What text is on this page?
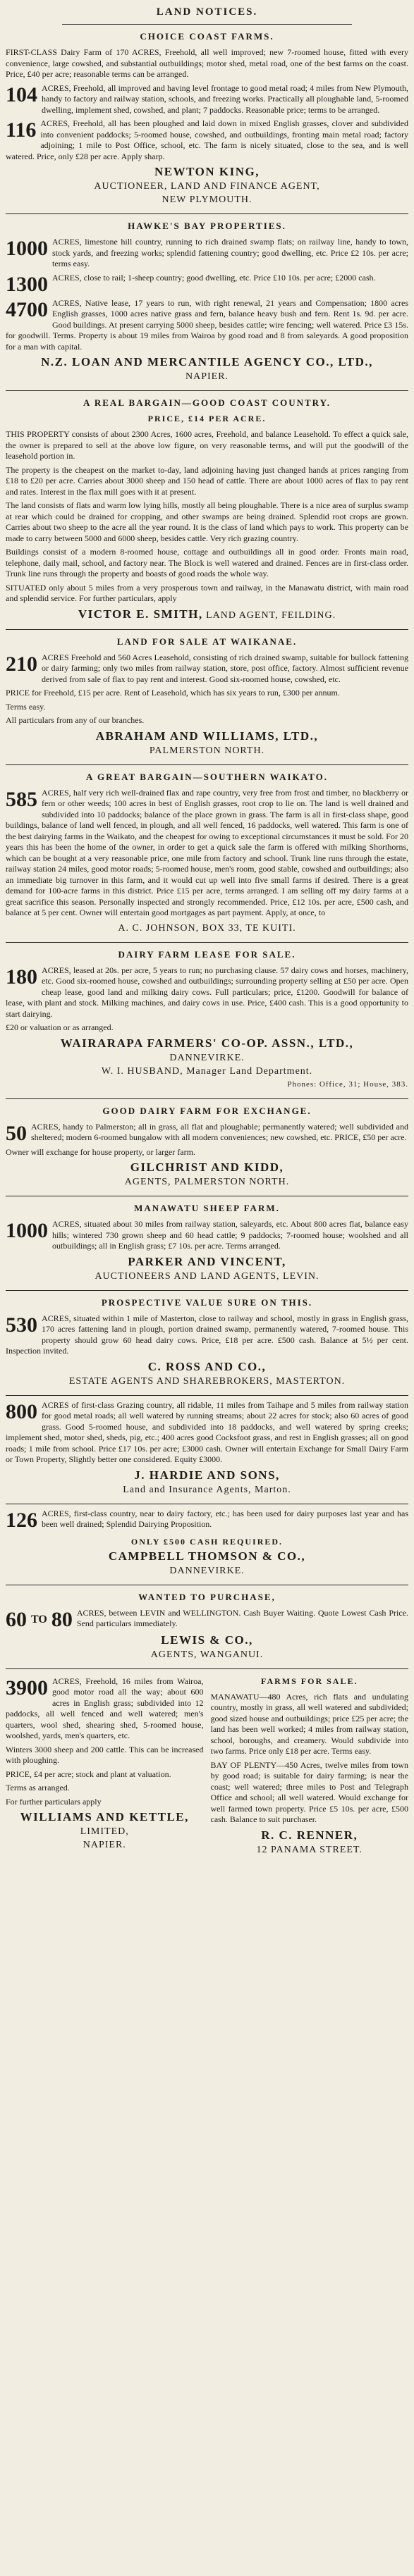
LAND NOTICES.
CHOICE COAST FARMS.

FIRST-CLASS Dairy Farm of 170 ACRES, Freehold, all well improved; new 7-roomed house, fitted with every convenience, large cowshed, and substantial outbuildings; motor shed, metal road, one of the best farms on the coast. Price, £40 per acre; reasonable terms can be arranged.

104 ACRES, Freehold, all improved and having level frontage to good metal road; 4 miles from New Plymouth, handy to factory and railway station, schools, and freezing works. Practically all ploughable land, 5-roomed dwelling, implement shed, cowshed, and plant; 7 paddocks. Reasonable price; terms to be arranged.
116 ACRES, Freehold, all has been ploughed and laid down in mixed English grasses, clover and subdivided into convenient paddocks; 5-roomed house, cowshed, and outbuildings, fronting main metal road; factory adjoining; 1 mile to Post Office, school, etc. The farm is nicely situated, close to the sea, and is well watered. Price, only £28 per acre. Apply sharp.
NEWTON KING,
AUCTIONEER, LAND AND FINANCE AGENT,
NEW PLYMOUTH.
HAWKE'S BAY PROPERTIES.
1000 ACRES, limestone hill country, running to rich drained swamp flats; on railway line, handy to town, stock yards, and freezing works; splendid fattening country; good dwelling, etc. Price £2 10s. per acre; terms easy.
1300 ACRES, close to rail; 1-sheep country; good dwelling, etc. Price £10 10s. per acre; £2000 cash.
4700 ACRES, Native lease, 17 years to run, with right renewal, 21 years and Compensation; 1800 acres English grasses, 1000 acres native grass and fern, balance heavy bush and fern. Rent 1s. 9d. per acre. Good buildings. At present carrying 5000 sheep, besides cattle; wire fencing; well watered. Price £3 15s. for goodwill. Terms. Property is about 19 miles from Wairoa by good road and 8 from saleyards. A good proposition for a man with capital.
N.Z. LOAN AND MERCANTILE AGENCY CO., LTD.,
NAPIER.
A REAL BARGAIN—GOOD COAST COUNTRY.
PRICE, £14 PER ACRE.

THIS PROPERTY consists of about 2300 Acres, 1600 acres, Freehold, and balance Leasehold. To effect a quick sale, the owner is prepared to sell at the above low figure, on very reasonable terms, and will put the goodwill of the leasehold portion in.

The property is the cheapest on the market to-day, land adjoining having just changed hands at prices ranging from £18 to £20 per acre. Carries about 3000 sheep and 150 head of cattle. There are about 1000 acres of flax to pay rent and rates. Interest in the flax mill goes with it at present.

The land consists of flats and warm low lying hills, mostly all being ploughable. There is a nice area of surplus swamp at rear which could be drained for cropping, and other swamps are being drained. Splendid root crops are grown. Carries about two sheep to the acre all the year round. It is the class of land which pays to work. This property can be made to carry between 5000 and 6000 sheep, besides cattle. Very rich grazing country.

Buildings consist of a modern 8-roomed house, cottage and outbuildings all in good order. Fronts main road, telephone, daily mail, school, and factory near. The Block is well watered and drained. Fences are in first-class order. Trunk line runs through the property and boasts of good roads the whole way.

SITUATED only about 5 miles from a very prosperous town and railway, in the Manawatu district, with main road and splendid service. For further particulars, apply

VICTOR E. SMITH, LAND AGENT, FEILDING.
LAND FOR SALE AT WAIKANAE.
210 ACRES Freehold and 560 Acres Leasehold, consisting of rich drained swamp, suitable for bullock fattening or dairy farming; only two miles from railway station, store, post office, factory. Almost sufficient revenue derived from sale of flax to pay rent and interest. Good six-roomed house, cowshed, etc.

PRICE for Freehold, £15 per acre. Rent of Leasehold, which has six years to run, £300 per annum.

Terms easy.

All particulars from any of our branches.

ABRAHAM AND WILLIAMS, LTD.,
PALMERSTON NORTH.
A GREAT BARGAIN—SOUTHERN WAIKATO.
585 ACRES, half very rich well-drained flax and rape country, very free from frost and timber, no blackberry or fern or other weeds; 100 acres in best of English grasses, root crop to lie on. The land is well drained and subdivided into 10 paddocks; balance of the place grown in grass. The farm is all in first-class shape, good buildings, balance of land well fenced, in plough, and all well fenced, 16 paddocks, well watered. This farm is one of the best dairying farms in the Waikato, and the cheapest for owing to exceptional circumstances it must be sold. For 20 years this has been the home of the owner, in order to get a quick sale the farm is offered with milking Shorthorns, which can be bought at a very reasonable price, one mile from factory and school. Trunk line runs through the estate, railway station 24 miles, good motor roads; 5-roomed house, men's room, good stable, cowshed and outbuildings; also an immediate big turnover in this farm, and it would cut up well into five small farms if desired. There is a great demand for 100-acre farms in this district. Price £15 per acre, terms arranged. I am selling off my dairy farms at a great sacrifice this season. Personally inspected and strongly recommended. Price, £12 10s. per acre, £500 cash, and balance at 5 per cent. Owner will entertain good mortgages as part payment. Apply, at once, to
A. C. JOHNSON, BOX 33, TE KUITI.
DAIRY FARM LEASE FOR SALE.
180 ACRES, leased at 20s. per acre, 5 years to run; no purchasing clause. 57 dairy cows and horses, machinery, etc. Good six-roomed house, cowshed and outbuildings; surrounding property selling at £50 per acre. Open cheap lease, good land and milking dairy cows. Full particulars; price, £1200. Goodwill for balance of lease, with plant and stock. Milking machines, and dairy cows in use. Price, £400 cash. This is a good opportunity to start dairying.

£20 or valuation or as arranged.

WAIRARAPA FARMERS' CO-OP. ASSN., LTD.,
DANNEVIRKE.
W. I. HUSBAND, Manager Land Department.
Phones: Office, 31; House, 383.
GOOD DAIRY FARM FOR EXCHANGE.
50 ACRES, handy to Palmerston; all in grass, all flat and ploughable; permanently watered; well subdivided and sheltered; modern 6-roomed bungalow with all modern conveniences; new cowshed, etc. PRICE, £50 per acre.

Owner will exchange for house property, or larger farm.

GILCHRIST AND KIDD,
AGENTS, PALMERSTON NORTH.
MANAWATU SHEEP FARM.
1000 ACRES, situated about 30 miles from railway station, saleyards, etc. About 800 acres flat, balance easy hills; wintered 730 grown sheep and 60 head cattle; 9 paddocks; 7-roomed house; woolshed and all outbuildings; all in English grass; £7 10s. per acre. Terms arranged.
PARKER AND VINCENT,
AUCTIONEERS AND LAND AGENTS, LEVIN.
PROSPECTIVE VALUE SURE ON THIS.
530 ACRES, situated within 1 mile of Masterton, close to railway and school, mostly in grass in English grass, 170 acres fattening land in plough, portion drained swamp, permanently watered, 7-roomed house. This property should grow 60 head dairy cows. Price, £18 per acre. £500 cash. Balance at 5½ per cent. Inspection invited.
C. ROSS AND CO.,
ESTATE AGENTS AND SHAREBROKERS, MASTERTON.
800 ACRES of first-class Grazing country, all ridable, 11 miles from Taihape and 5 miles from railway station for good metal roads; all well watered by running streams; about 22 acres for stock; also 60 acres of good grass. Good 5-roomed house, and subdivided into 18 paddocks, and well watered by spring creeks; implement shed, motor shed, sheds, pig, etc.; 400 acres good Cocksfoot grass, and rest in English grasses; all on good roads; 1 mile from school. Price £17 10s. per acre; £3000 cash. Owner will entertain Exchange for Small Dairy Farm or Town Property, Slightly better one considered. Equity £3000.
J. HARDIE AND SONS,
Land and Insurance Agents, Marton.
126 ACRES, first-class country, near to dairy factory, etc.; has been used for dairy purposes last year and has been well drained; Splendid Dairying Proposition.
ONLY £500 CASH REQUIRED.
CAMPBELL THOMSON & CO.,
DANNEVIRKE.
WANTED TO PURCHASE,
60 TO 80 ACRES, between LEVIN and WELLINGTON. Cash Buyer Waiting. Quote Lowest Cash Price. Send particulars immediately.
LEWIS & CO.,
AGENTS, WANGANUI.
3900 ACRES, Freehold, 16 miles from Wairoa, good motor road all the way; about 600 acres in English grass; subdivided into 12 paddocks, all well fenced and well watered; men's quarters, wool shed, shearing shed, 5-roomed house, woolshed, yards, men's quarters, etc.

Winters 3000 sheep and 200 cattle. This can be increased with ploughing.

PRICE, £4 per acre; stock and plant at valuation.

Terms as arranged.

For further particulars apply

WILLIAMS AND KETTLE,
LIMITED,
NAPIER.
FARMS FOR SALE.

MANAWATU—480 Acres, rich flats and undulating country, mostly in grass, all well watered and subdivided; good sized house and outbuildings; price £25 per acre; the land has been well worked; 4 miles from railway station, school, boroughs, and creamery. Would subdivide into two farms. Price only £18 per acre. Terms easy.

BAY OF PLENTY—450 Acres, twelve miles from town by good road; is suitable for dairy farming; is near the coast; well watered; three miles to Post and Telegraph Office and school; all well watered. Would exchange for well farmed town property. Price £5 10s. per acre, £500 cash. Balance to suit purchaser.

R. C. RENNER,
12 PANAMA STREET.
